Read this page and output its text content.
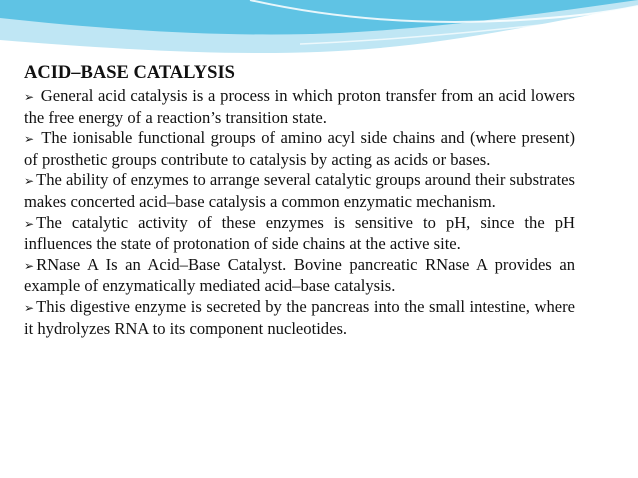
ACID–BASE CATALYSIS
➢ General acid catalysis is a process in which proton transfer from an acid lowers the free energy of a reaction’s transition state.
➢ The ionisable functional groups of amino acyl side chains and (where present) of prosthetic groups contribute to catalysis by acting as acids or bases.
➢ The ability of enzymes to arrange several catalytic groups around their substrates makes concerted acid–base catalysis a common enzymatic mechanism.
➢ The catalytic activity of these enzymes is sensitive to pH, since the pH influences the state of protonation of side chains at the active site.
➢ RNase A Is an Acid–Base Catalyst. Bovine pancreatic RNase A provides an example of enzymatically mediated acid–base catalysis.
➢ This digestive enzyme is secreted by the pancreas into the small intestine, where it hydrolyzes RNA to its component nucleotides.
